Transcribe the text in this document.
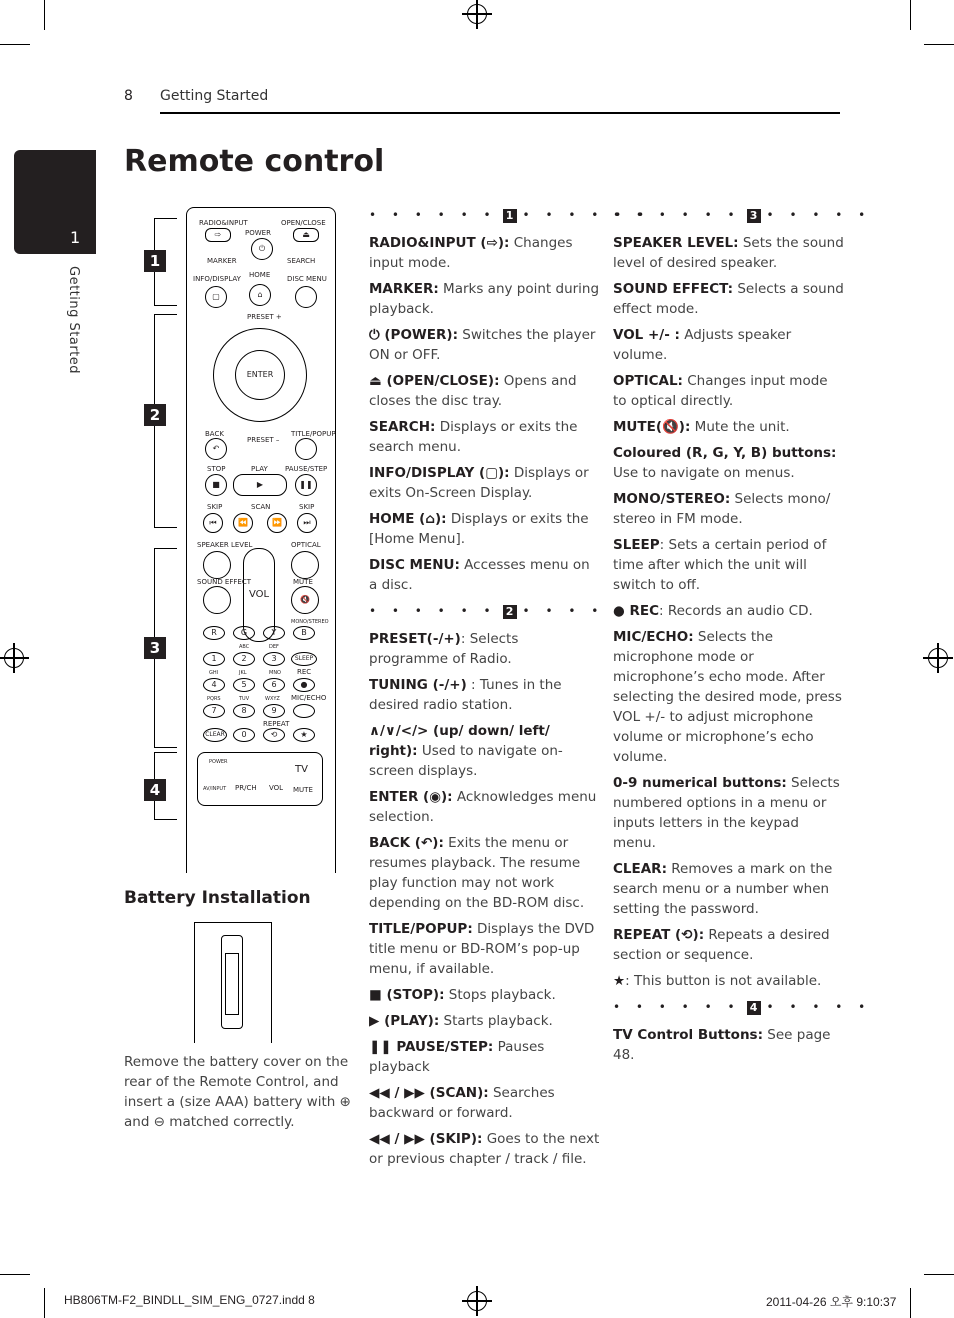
8 Getting Started
1
Getting Started
Remote control
1
2
3
4
RADIO&INPUT
POWER
OPEN/CLOSE
⇨
⏻
⏏
MARKER	SEARCH
INFO/DISPLAY HOME DISC MENU
▢	⌂
PRESET +
ENTER
PRESET –
BACK	TITLE/POPUP
↶
STOP	PLAY PAUSE/STEP
■	▶	❚❚
SKIP	SCAN	SKIP
⏮	⏪	⏩	⏭
SPEAKER LEVEL	OPTICAL
VOL
SOUND EFFECT	MUTE
🔇
MONO/STEREO
R	G	Y	B
ABC	DEF
1	2	3	SLEEP
GHI	JKL	MNO REC
4	5	6	●
PQRS	TUV	WXYZ MIC/ECHO
7	8	9
REPEAT
CLEAR	0	⟲	★
POWER
TV
AV/INPUT PR/CH VOL MUTE
Battery Installation
Remove the battery cover on the rear of the Remote Control, and insert a (size AAA) battery with ⊕ and ⊖ matched correctly.
• • • • • • 1 • • • • • •

RADIO&INPUT (⇨): Changes input mode.

MARKER: Marks any point during playback.

⏻ (POWER): Switches the player ON or OFF.

⏏ (OPEN/CLOSE): Opens and closes the disc tray.

SEARCH: Displays or exits the search menu.

INFO/DISPLAY (▢): Displays or exits On-Screen Display.

HOME (⌂): Displays or exits the [Home Menu].

DISC MENU: Accesses menu on a disc.

• • • • • • 2 • • • • •

PRESET(-/+): Selects programme of Radio.

TUNING (-/+) : Tunes in the desired radio station.

∧/∨/</> (up/ down/ left/ right): Used to navigate on-screen displays.

ENTER (◉): Acknowledges menu selection.

BACK (↶): Exits the menu or resumes playback. The resume play function may not work depending on the BD-ROM disc.

TITLE/POPUP: Displays the DVD title menu or BD-ROM’s pop-up menu, if available.

■ (STOP): Stops playback.

▶ (PLAY): Starts playback.

❚❚ PAUSE/STEP: Pauses playback

◀◀ / ▶▶ (SCAN): Searches backward or forward.

◀◀ / ▶▶ (SKIP): Goes to the next or previous chapter / track / file.

• • • • • • 3 • • • • •

SPEAKER LEVEL: Sets the sound level of desired speaker.

SOUND EFFECT: Selects a sound effect mode.

VOL +/- : Adjusts speaker volume.

OPTICAL: Changes input mode to optical directly.

MUTE(🔇): Mute the unit.

Coloured (R, G, Y, B) buttons: Use to navigate on menus.

MONO/STEREO: Selects mono/ stereo in FM mode.

SLEEP: Sets a certain period of time after which the unit will switch to off.

● REC: Records an audio CD.

MIC/ECHO: Selects the microphone mode or microphone’s echo mode. After selecting the desired mode, press VOL +/- to adjust microphone volume or microphone’s echo volume.

0-9 numerical buttons: Selects numbered options in a menu or inputs letters in the keypad menu.

CLEAR: Removes a mark on the search menu or a number when setting the password.

REPEAT (⟲): Repeats a desired section or sequence.

★: This button is not available.

• • • • • • 4 • • • • •

TV Control Buttons: See page 48.

HB806TM-F2_BINDLL_SIM_ENG_0727.indd 8	2011-04-26 오후 9:10:37
